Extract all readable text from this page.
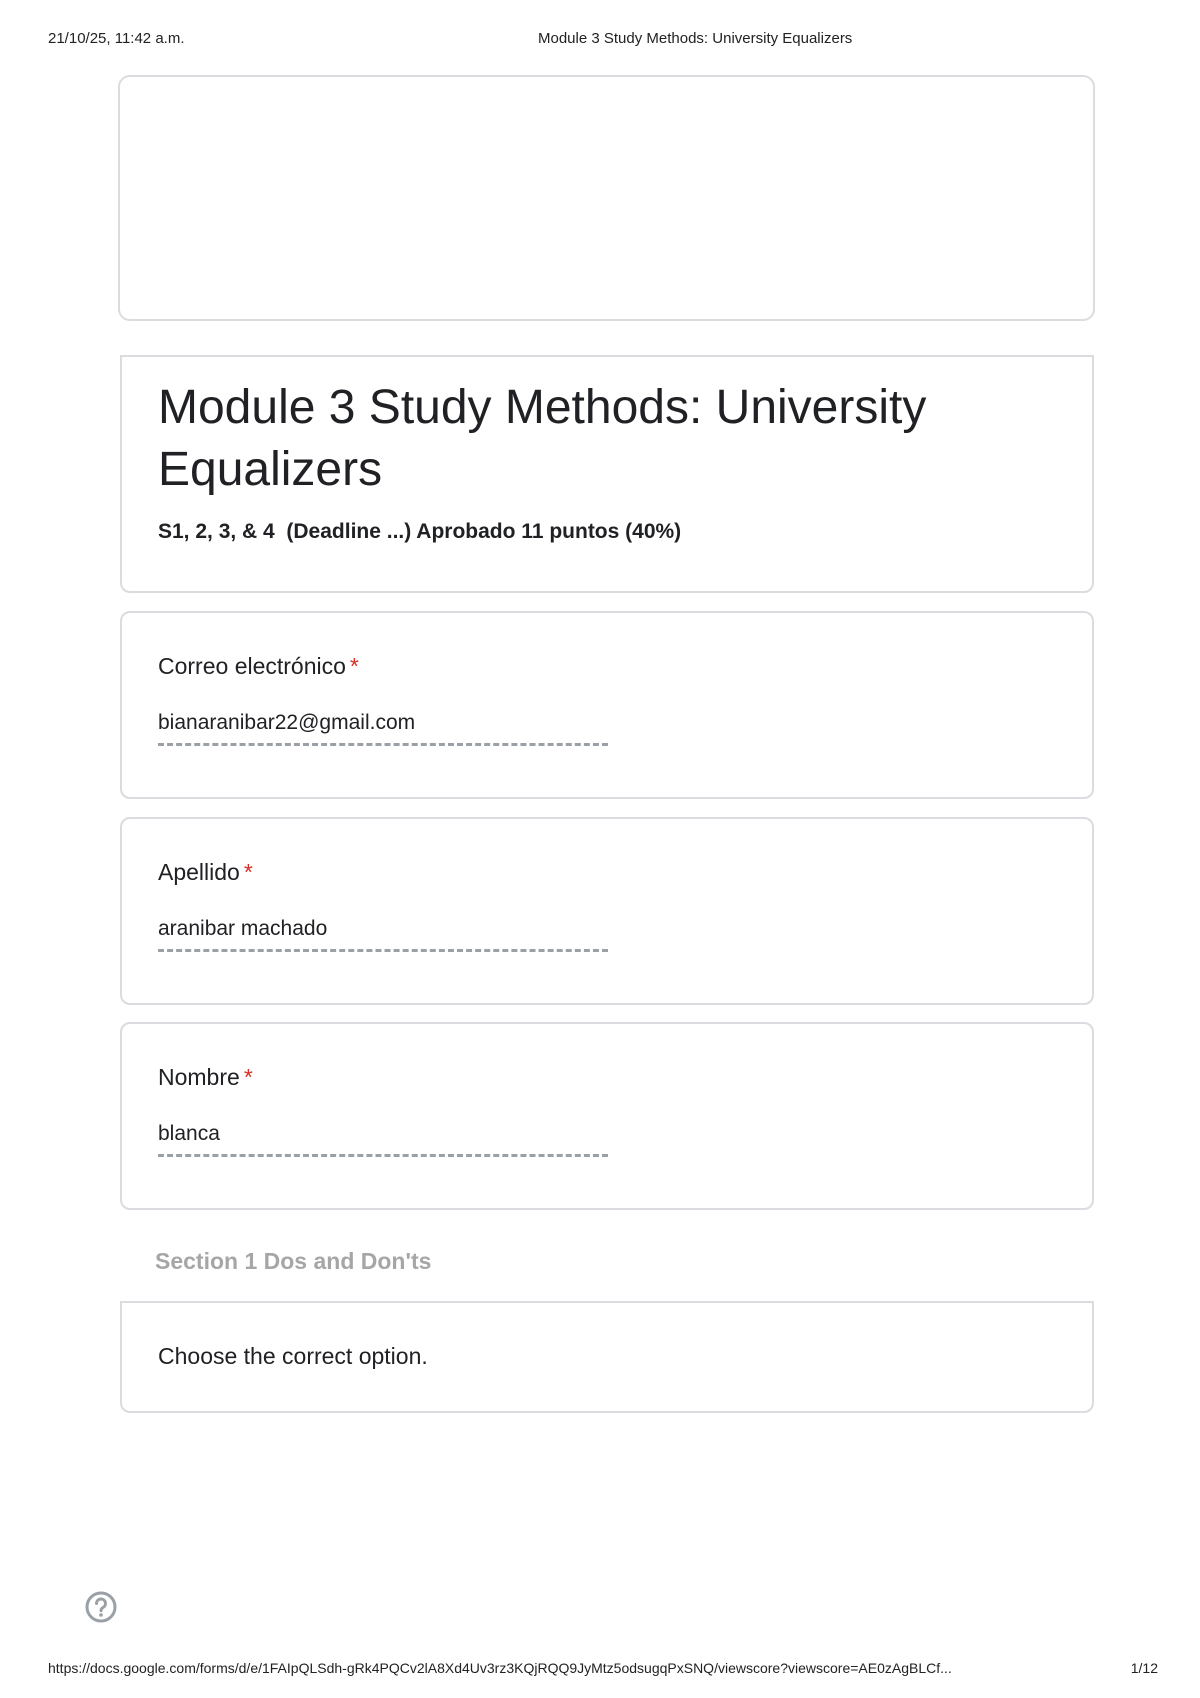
21/10/25, 11:42 a.m.	Module 3 Study Methods: University Equalizers
Module 3 Study Methods: University Equalizers
S1, 2, 3, & 4  (Deadline ...) Aprobado 11 puntos (40%)
Correo electrónico *
bianaranibar22@gmail.com
Apellido *
aranibar machado
Nombre *
blanca
Section 1 Dos and Don'ts
Choose the correct option.
https://docs.google.com/forms/d/e/1FAIpQLSdh-gRk4PQCv2lA8Xd4Uv3rz3KQjRQQ9JyMtz5odsugqPxSNQ/viewscore?viewscore=AE0zAgBLCf...	1/12
